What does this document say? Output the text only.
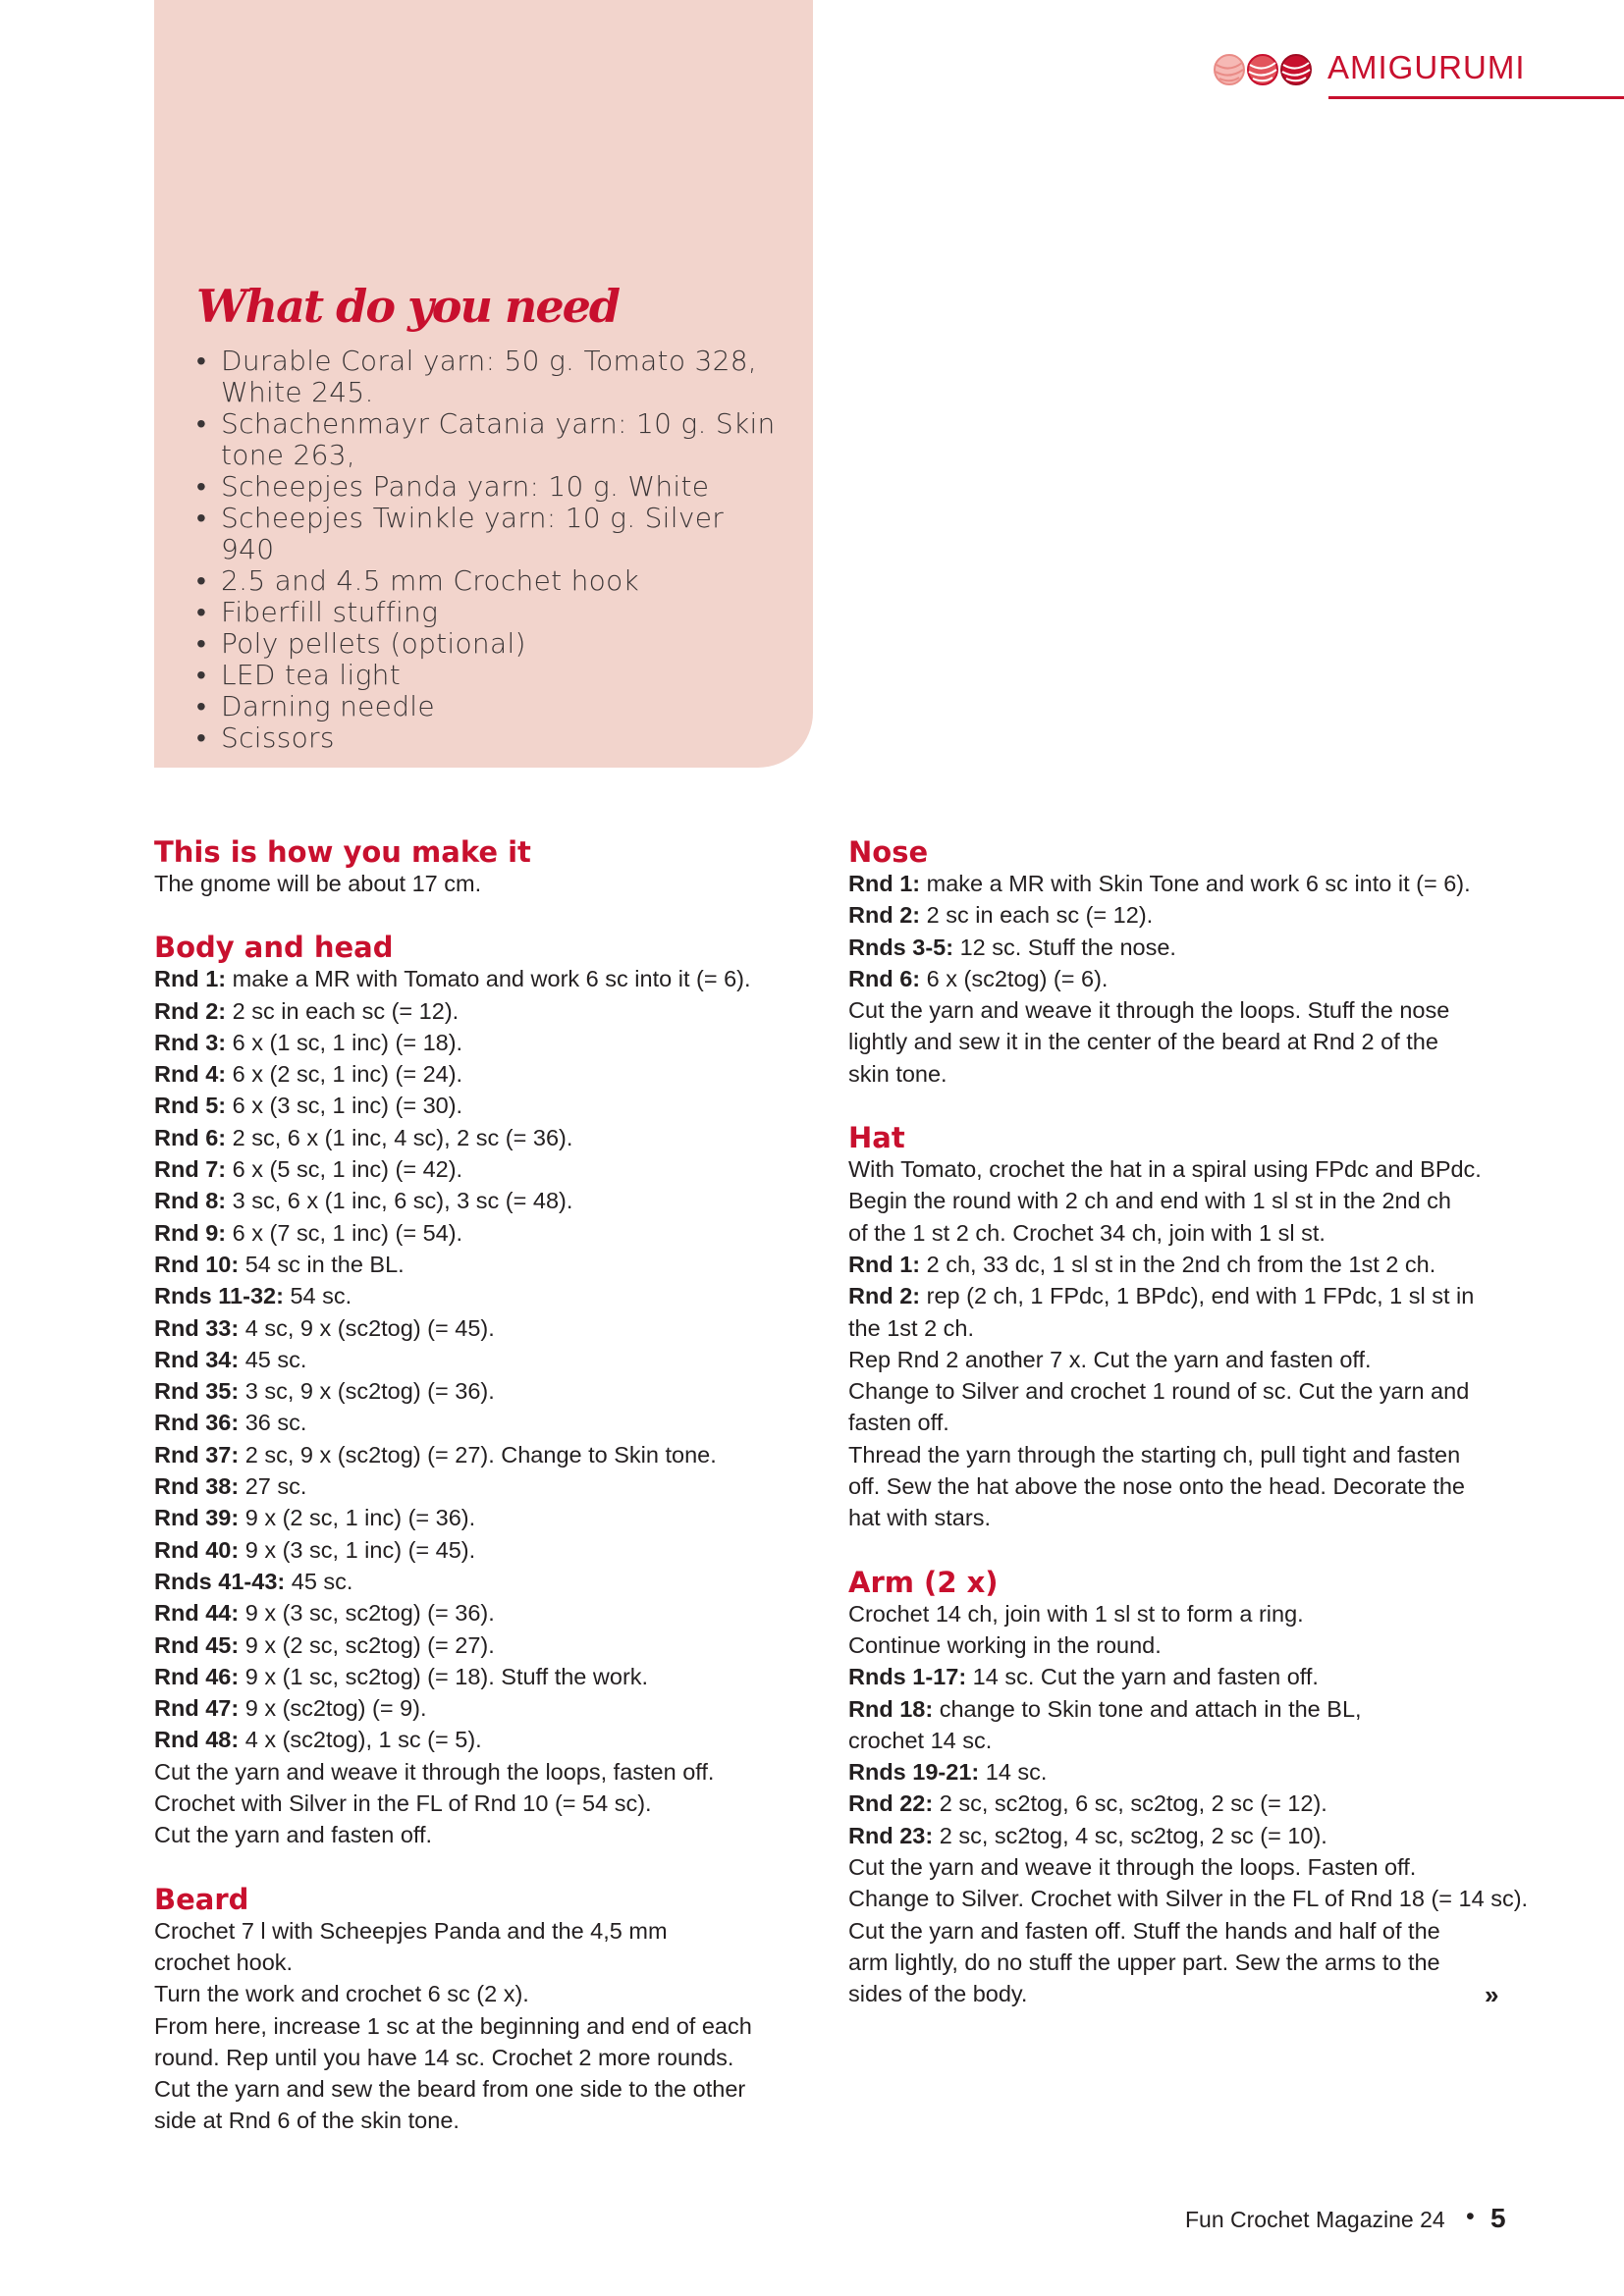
AMIGURUMI
What do you need
• Durable Coral yarn: 50 g. Tomato 328, White 245.
• Schachenmayr Catania yarn: 10 g. Skin tone 263,
• Scheepjes Panda yarn: 10 g. White
• Scheepjes Twinkle yarn: 10 g. Silver 940
• 2.5 and 4.5 mm Crochet hook
• Fiberfill stuffing
• Poly pellets (optional)
• LED tea light
• Darning needle
• Scissors
This is how you make it

The gnome will be about 17 cm.

Body and head

Rnd 1: make a MR with Tomato and work 6 sc into it (= 6).

Rnd 2: 2 sc in each sc (= 12).

Rnd 3: 6 x (1 sc, 1 inc) (= 18).

Rnd 4: 6 x (2 sc, 1 inc) (= 24).

Rnd 5: 6 x (3 sc, 1 inc) (= 30).

Rnd 6: 2 sc, 6 x (1 inc, 4 sc), 2 sc (= 36).

Rnd 7: 6 x (5 sc, 1 inc) (= 42).

Rnd 8: 3 sc, 6 x (1 inc, 6 sc), 3 sc (= 48).

Rnd 9: 6 x (7 sc, 1 inc) (= 54).

Rnd 10: 54 sc in the BL.

Rnds 11-32: 54 sc.

Rnd 33: 4 sc, 9 x (sc2tog) (= 45).

Rnd 34: 45 sc.

Rnd 35: 3 sc, 9 x (sc2tog) (= 36).

Rnd 36: 36 sc.

Rnd 37: 2 sc, 9 x (sc2tog) (= 27). Change to Skin tone.

Rnd 38: 27 sc.

Rnd 39: 9 x (2 sc, 1 inc) (= 36).

Rnd 40: 9 x (3 sc, 1 inc) (= 45).

Rnds 41-43: 45 sc.

Rnd 44: 9 x (3 sc, sc2tog) (= 36).

Rnd 45: 9 x (2 sc, sc2tog) (= 27).

Rnd 46: 9 x (1 sc, sc2tog) (= 18). Stuff the work.

Rnd 47: 9 x (sc2tog) (= 9).

Rnd 48: 4 x (sc2tog), 1 sc (= 5).

Cut the yarn and weave it through the loops, fasten off.

Crochet with Silver in the FL of Rnd 10 (= 54 sc).

Cut the yarn and fasten off.

Beard

Crochet 7 l with Scheepjes Panda and the 4,5 mm

crochet hook.

Turn the work and crochet 6 sc (2 x).

From here, increase 1 sc at the beginning and end of each

round. Rep until you have 14 sc. Crochet 2 more rounds.

Cut the yarn and sew the beard from one side to the other

side at Rnd 6 of the skin tone.

Nose

Rnd 1: make a MR with Skin Tone and work 6 sc into it (= 6).

Rnd 2: 2 sc in each sc (= 12).

Rnds 3-5: 12 sc. Stuff the nose.

Rnd 6: 6 x (sc2tog) (= 6).

Cut the yarn and weave it through the loops. Stuff the nose

lightly and sew it in the center of the beard at Rnd 2 of the

skin tone.

Hat

With Tomato, crochet the hat in a spiral using FPdc and BPdc.

Begin the round with 2 ch and end with 1 sl st in the 2nd ch

of the 1 st 2 ch. Crochet 34 ch, join with 1 sl st.

Rnd 1: 2 ch, 33 dc, 1 sl st in the 2nd ch from the 1st 2 ch.

Rnd 2: rep (2 ch, 1 FPdc, 1 BPdc), end with 1 FPdc, 1 sl st in

the 1st 2 ch.

Rep Rnd 2 another 7 x. Cut the yarn and fasten off.

Change to Silver and crochet 1 round of sc. Cut the yarn and

fasten off.

Thread the yarn through the starting ch, pull tight and fasten

off. Sew the hat above the nose onto the head. Decorate the

hat with stars.

Arm (2 x)

Crochet 14 ch, join with 1 sl st to form a ring.

Continue working in the round.

Rnds 1-17: 14 sc. Cut the yarn and fasten off.

Rnd 18: change to Skin tone and attach in the BL,

crochet 14 sc.

Rnds 19-21: 14 sc.

Rnd 22: 2 sc, sc2tog, 6 sc, sc2tog, 2 sc (= 12).

Rnd 23: 2 sc, sc2tog, 4 sc, sc2tog, 2 sc (= 10).

Cut the yarn and weave it through the loops. Fasten off.

Change to Silver. Crochet with Silver in the FL of Rnd 18 (= 14 sc).

Cut the yarn and fasten off. Stuff the hands and half of the

arm lightly, do no stuff the upper part. Sew the arms to the

sides of the body.	»
Fun Crochet Magazine 24 • 5
